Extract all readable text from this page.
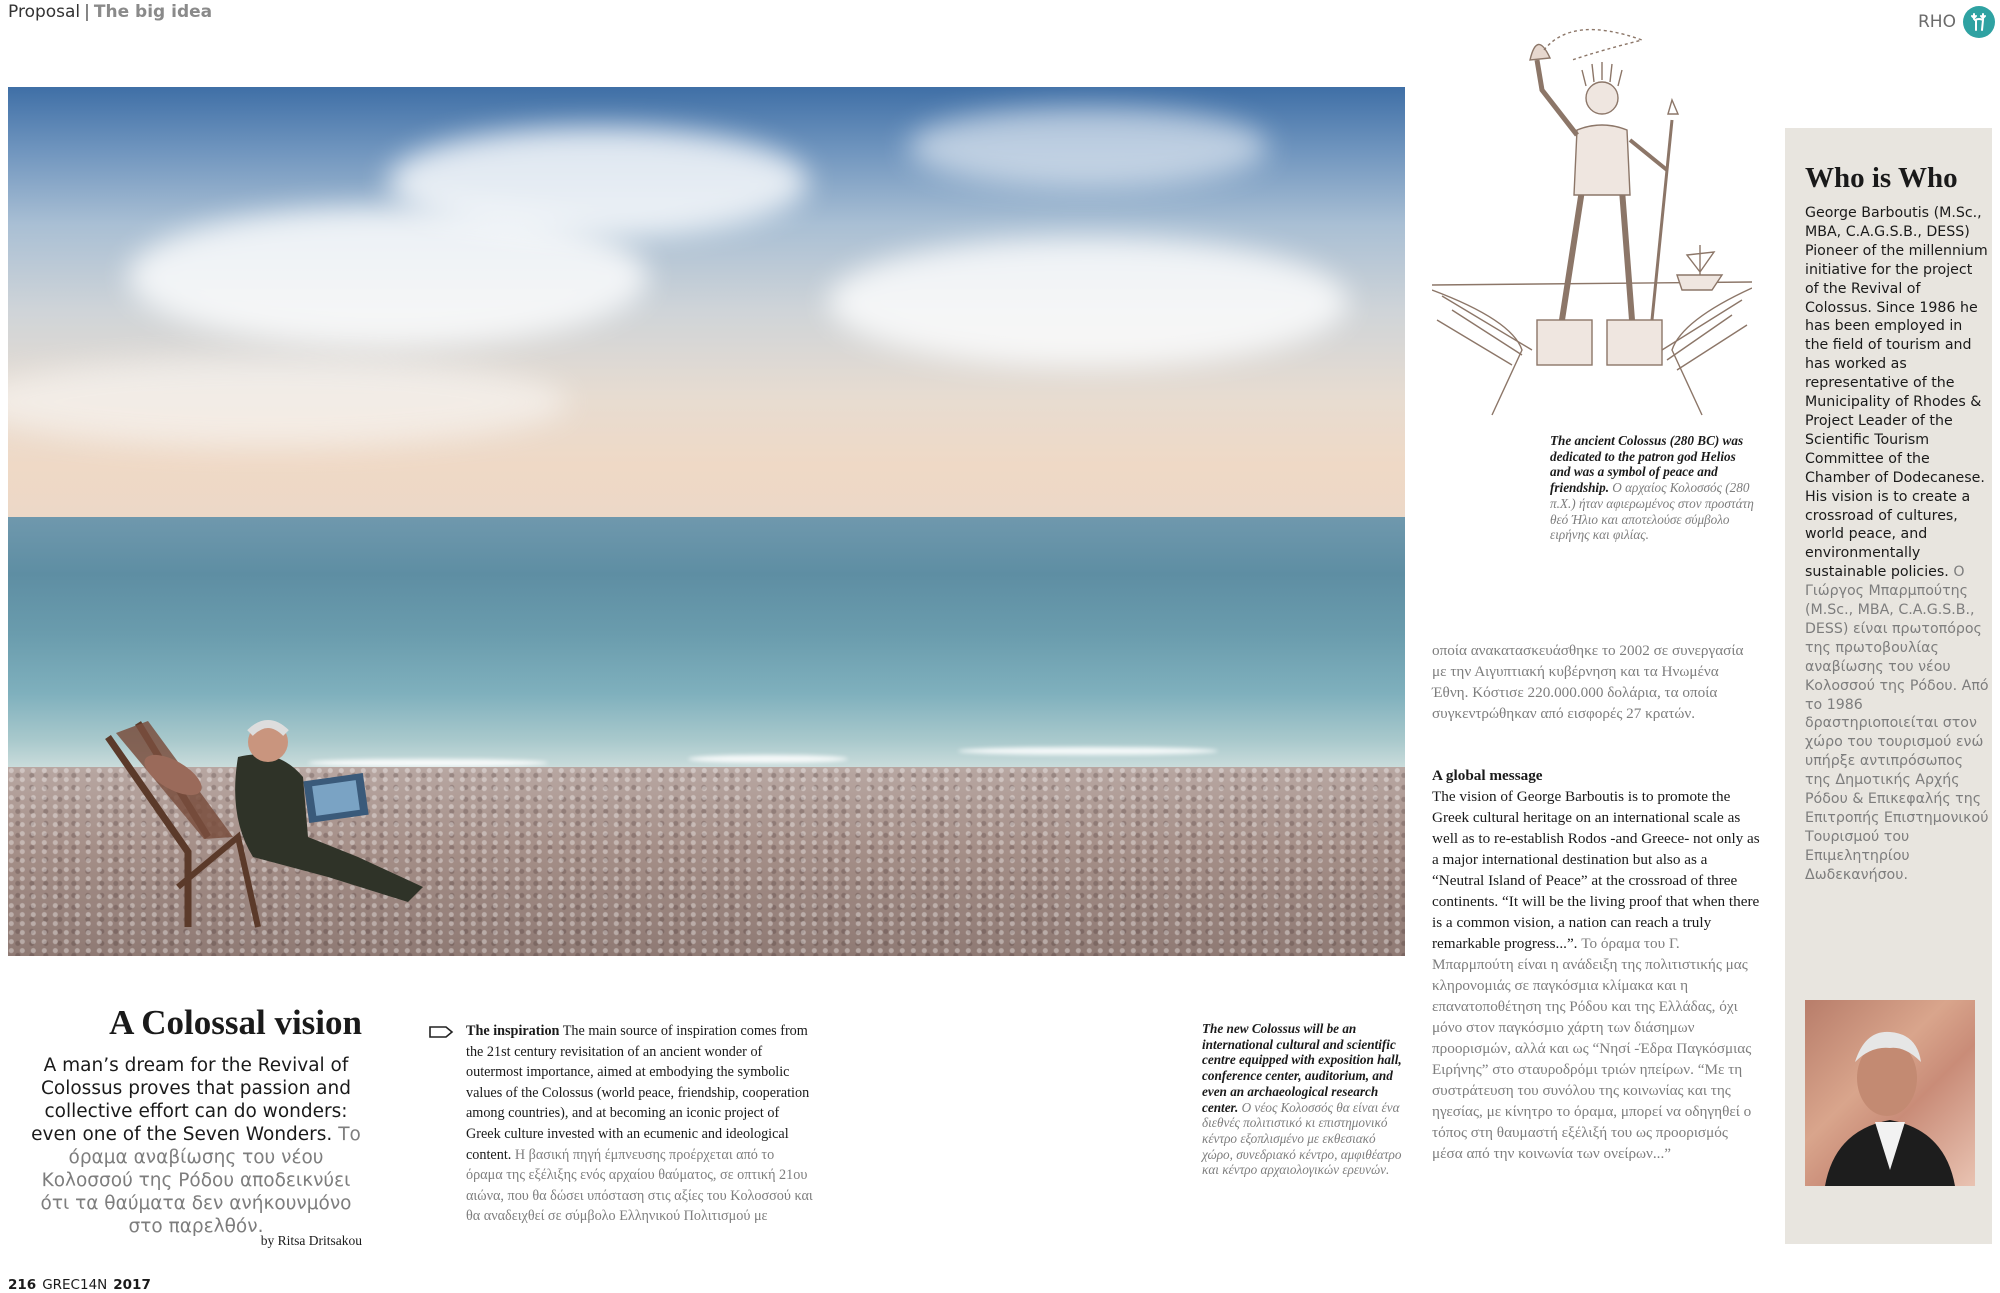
Proposal | The big idea	RHO
A Colossal vision
A man’s dream for the Revival of Colossus proves that passion and collective effort can do wonders: even one of the Seven Wonders. Το όραμα αναβίωσης του νέου Κολοσσού της Ρόδου αποδεικνύει ότι τα θαύματα δεν ανήκουνμόνο στο παρελθόν.
by Ritsa Dritsakou
The inspiration The main source of inspiration comes from the 21st century revisitation of an ancient wonder of outermost importance, aimed at embodying the symbolic values of the Colossus (world peace, friendship, cooperation among countries), and at becoming an iconic project of Greek culture invested with an ecumenic and ideological content. Η βασική πηγή έμπνευσης προέρχεται από το όραμα της εξέλιξης ενός αρχαίου θαύματος, σε οπτική 21ου αιώνα, που θα δώσει υπόσταση στις αξίες του Κολοσσού και θα αναδειχθεί σε σύμβολο Ελληνικού Πολιτισμού με
The new Colossus will be an international cultural and scientific centre equipped with exposition hall, conference center, auditorium, and even an archaeological research center. Ο νέος Κολοσσός θα είναι ένα διεθνές πολιτιστικό κι επιστημονικό κέντρο εξοπλισμένο με εκθεσιακό χώρο, συνεδριακό κέντρο, αμφιθέατρο και κέντρο αρχαιολογικών ερευνών.
The ancient Colossus (280 BC) was dedicated to the patron god Helios and was a symbol of peace and friendship. Ο αρχαίος Κολοσσός (280 π.Χ.) ήταν αφιερωμένος στον προστάτη θεό Ήλιο και αποτελούσε σύμβολο ειρήνης και φιλίας.
οποία ανακατασκευάσθηκε το 2002 σε συνεργασία με την Αιγυπτιακή κυβέρνηση και τα Ηνωμένα Έθνη. Κόστισε 220.000.000 δολάρια, τα οποία συγκεντρώθηκαν από εισφορές 27 κρατών.
A global message
The vision of George Barboutis is to promote the Greek cultural heritage on an international scale as well as to re-establish Rodos -and Greece- not only as a major international destination but also as a “Neutral Island of Peace” at the crossroad of three continents. “It will be the living proof that when there is a common vision, a nation can reach a truly remarkable progress...”. Το όραμα του Γ. Μπαρμπούτη είναι η ανάδειξη της πολιτιστικής μας κληρονομιάς σε παγκόσμια κλίμακα και η επανατοποθέτηση της Ρόδου και της Ελλάδας, όχι μόνο στον παγκόσμιο χάρτη των διάσημων προορισμών, αλλά και ως “Νησί -Έδρα Παγκόσμιας Ειρήνης” στο σταυροδρόμι τριών ηπείρων. “Με τη συστράτευση του συνόλου της κοινωνίας και της ηγεσίας, με κίνητρο το όραμα, μπορεί να οδηγηθεί ο τόπος στη θαυμαστή εξέλιξή του ως προορισμός μέσα από την κοινωνία των ονείρων...”
Who is Who
George Barboutis (M.Sc., MBA, C.A.G.S.B., DESS) Pioneer of the millennium initiative for the project of the Revival of Colossus. Since 1986 he has been employed in the field of tourism and has worked as representative of the Municipality of Rhodes & Project Leader of the Scientific Tourism Committee of the Chamber of Dodecanese. His vision is to create a crossroad of cultures, world peace, and environmentally sustainable policies. Ο Γιώργος Μπαρμπούτης (M.Sc., MBA, C.A.G.S.B., DESS) είναι πρωτοπόρος της πρωτοβουλίας αναβίωσης του νέου Κολοσσού της Ρόδου. Από το 1986 δραστηριοποιείται στον χώρο του τουρισμού ενώ υπήρξε αντιπρόσωπος της Δημοτικής Αρχής Ρόδου & Επικεφαλής της Επιτροπής Επιστημονικού Τουρισμού του Επιμελητηρίου Δωδεκανήσου.
216 GREC14N 2017
